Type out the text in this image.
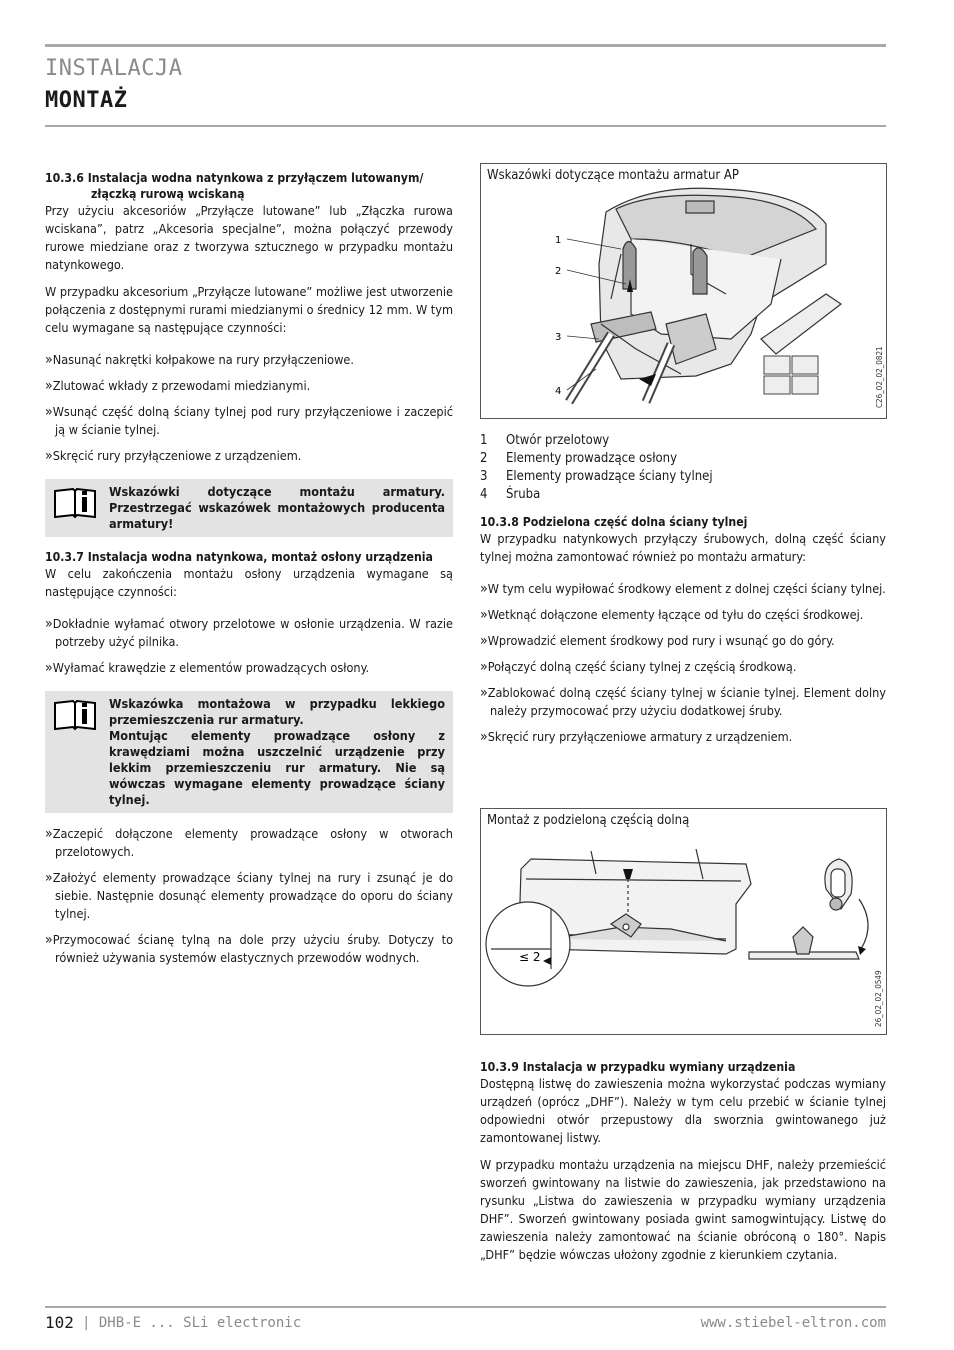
INSTALACJA
MONTAŻ
10.3.6 Instalacja wodna natynkowa z przyłączem lutowanym/
złączką rurową wciskaną

Przy użyciu akcesoriów „Przyłącze lutowane” lub „Złączka rurowa wciskana”, patrz „Akcesoria specjalne”, można połączyć przewody rurowe miedziane oraz z tworzywa sztucznego w przypadku montażu natynkowego.

W przypadku akcesorium „Przyłącze lutowane” możliwe jest utworzenie połączenia z dostępnymi rurami miedzianymi o średnicy 12 mm. W tym celu wymagane są następujące czynności:

»Nasunąć nakrętki kołpakowe na rury przyłączeniowe.
»Zlutować wkłady z przewodami miedzianymi.
»Wsunąć część dolną ściany tylnej pod rury przyłączeniowe i zaczepić ją w ścianie tylnej.
»Skręcić rury przyłączeniowe z urządzeniem.
Wskazówki dotyczące montażu armatury. Przestrzegać wskazówek montażowych producenta armatury!
10.3.7 Instalacja wodna natynkowa, montaż osłony urządzenia

W celu zakończenia montażu osłony urządzenia wymagane są następujące czynności:

»Dokładnie wyłamać otwory przelotowe w osłonie urządzenia. W razie potrzeby użyć pilnika.
»Wyłamać krawędzie z elementów prowadzących osłony.
Wskazówka montażowa w przypadku lekkiego przemieszczenia rur armatury.
Montując elementy prowadzące osłony z krawędziami można uszczelnić urządzenie przy lekkim przemieszczeniu rur armatury. Nie są wówczas wymagane elementy prowadzące ściany tylnej.
»Zaczepić dołączone elementy prowadzące osłony w otworach przelotowych.
»Założyć elementy prowadzące ściany tylnej na rury i zsunąć je do siebie. Następnie dosunąć elementy prowadzące do oporu do ściany tylnej.
»Przymocować ścianę tylną na dole przy użyciu śruby. Dotyczy to również używania systemów elastycznych przewodów wodnych.
Wskazówki dotyczące montażu armatur AP
1
2
3
4	C26_02_02_0821
1 Otwór przelotowy
2 Elementy prowadzące osłony
3 Elementy prowadzące ściany tylnej
4 Śruba
10.3.8 Podzielona część dolna ściany tylnej

W przypadku natynkowych przyłączy śrubowych, dolną część ściany tylnej można zamontować również po montażu armatury:

»W tym celu wypiłować środkowy element z dolnej części ściany tylnej.
»Wetknąć dołączone elementy łączące od tyłu do części środkowej.
»Wprowadzić element środkowy pod rury i wsunąć go do góry.
»Połączyć dolną część ściany tylnej z częścią środkową.
»Zablokować dolną część ściany tylnej w ścianie tylnej. Element dolny należy przymocować przy użyciu dodatkowej śruby.
»Skręcić rury przyłączeniowe armatury z urządzeniem.
Montaż z podzieloną częścią dolną
≤ 2
26_02_02_0549
10.3.9 Instalacja w przypadku wymiany urządzenia

Dostępną listwę do zawieszenia można wykorzystać podczas wymiany urządzeń (oprócz „DHF”). Należy w tym celu przebić w ścianie tylnej odpowiedni otwór przepustowy dla sworznia gwintowanego już zamontowanej listwy.

W przypadku montażu urządzenia na miejscu DHF, należy przemieścić sworzeń gwintowany na listwie do zawieszenia, jak przedstawiono na rysunku „Listwa do zawieszenia w przypadku wymiany urządzenia DHF”. Sworzeń gwintowany posiada gwint samogwintujący. Listwę do zawieszenia należy zamontować na ścianie obróconą o 180°. Napis „DHF” będzie wówczas ułożony zgodnie z kierunkiem czytania.

102 | DHB-E ... SLi electronic	www.stiebel-eltron.com
